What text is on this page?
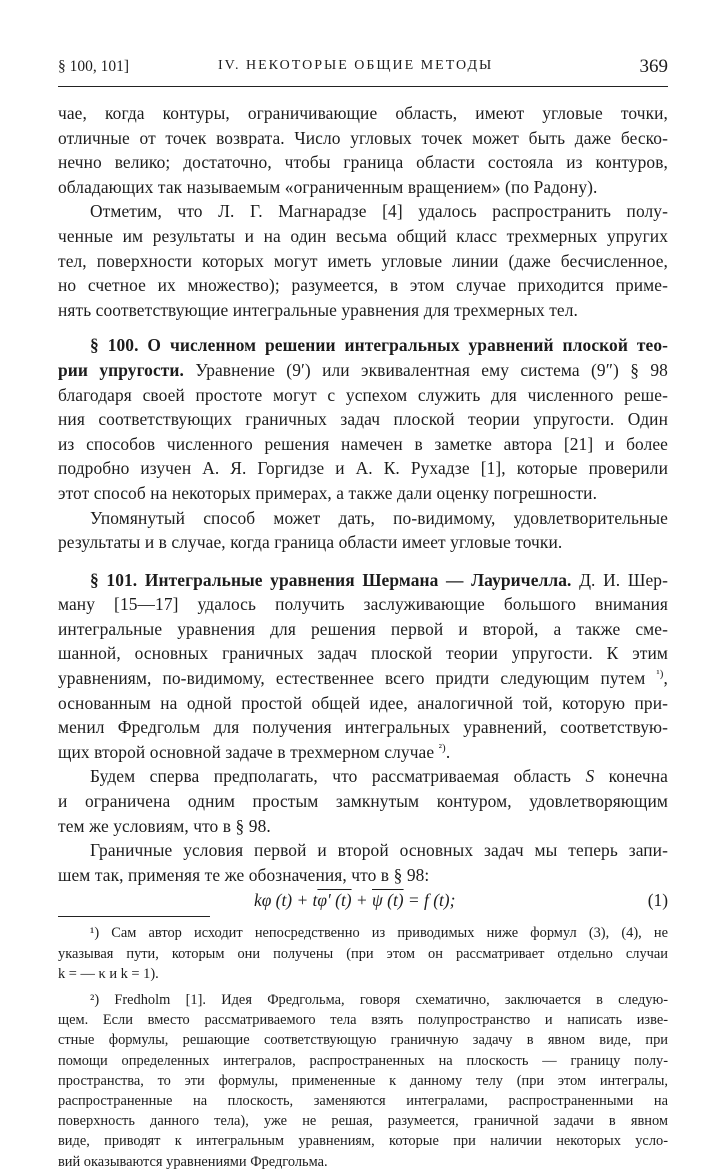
§ 100, 101]	IV. НЕКОТОРЫЕ ОБЩИЕ МЕТОДЫ	369

чае, когда контуры, ограничивающие область, имеют угловые точки,

отличные от точек возврата. Число угловых точек может быть даже беско-

нечно велико; достаточно, чтобы граница области состояла из контуров,

обладающих так называемым «ограниченным вращением» (по Радону).

Отметим, что Л. Г. Магнарадзе [4] удалось распространить полу-

ченные им результаты и на один весьма общий класс трехмерных упругих

тел, поверхности которых могут иметь угловые линии (даже бесчисленное,

но счетное их множество); разумеется, в этом случае приходится приме-

нять соответствующие интегральные уравнения для трехмерных тел.

§ 100. О численном решении интегральных уравнений плоской тео-

рии упругости. Уравнение (9′) или эквивалентная ему система (9″) § 98

благодаря своей простоте могут с успехом служить для численного реше-

ния соответствующих граничных задач плоской теории упругости. Один

из способов численного решения намечен в заметке автора [21] и более

подробно изучен А. Я. Горгидзе и А. К. Рухадзе [1], которые проверили

этот способ на некоторых примерах, а также дали оценку погрешности.

Упомянутый способ может дать, по-видимому, удовлетворительные

результаты и в случае, когда граница области имеет угловые точки.

§ 101. Интегральные уравнения Шермана — Лауричелла. Д. И. Шер-

ману [15—17] удалось получить заслуживающие большого внимания

интегральные уравнения для решения первой и второй, а также сме-

шанной, основных граничных задач плоской теории упругости. К этим

уравнениям, по-видимому, естественнее всего придти следующим путем $^{^1)}$,

основанным на одной простой общей идее, аналогичной той, которую при-

менил Фредгольм для получения интегральных уравнений, соответствую-

щих второй основной задаче в трехмерном случае $^{^2)}$.

Будем сперва предполагать, что рассматриваемая область S конечна

и ограничена одним простым замкнутым контуром, удовлетворяющим

тем же условиям, что в § 98.

Граничные условия первой и второй основных задач мы теперь запи-

шем так, применяя те же обозначения, что в § 98:

kφ (t) + tφ′ (t) + ψ (t) = f (t);	(1)

¹) Сам автор исходит непосредственно из приводимых ниже формул (3), (4), не

указывая пути, которым они получены (при этом он рассматривает отдельно случаи

k = — κ и k = 1).

²) Fredholm [1]. Идея Фредгольма, говоря схематично, заключается в следую-

щем. Если вместо рассматриваемого тела взять полупространство и написать изве-

стные формулы, решающие соответствующую граничную задачу в явном виде, при

помощи определенных интегралов, распространенных на плоскость — границу полу-

пространства, то эти формулы, примененные к данному телу (при этом интегралы,

распространенные на плоскость, заменяются интегралами, распространенными на

поверхность данного тела), уже не решая, разумеется, граничной задачи в явном

виде, приводят к интегральным уравнениям, которые при наличии некоторых усло-

вий оказываются уравнениями Фредгольма.
